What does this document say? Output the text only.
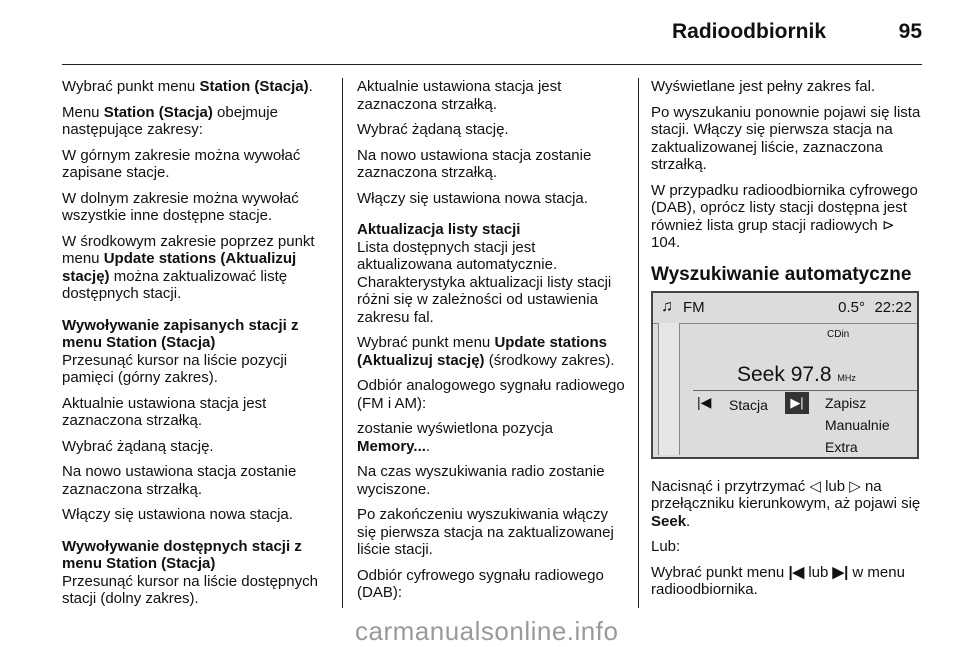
Radioodbiornik	95

Wybrać punkt menu Station (Stacja).

Menu Station (Stacja) obejmuje następujące zakresy:

W górnym zakresie można wywołać zapisane stacje.

W dolnym zakresie można wywołać wszystkie inne dostępne stacje.

W środkowym zakresie poprzez punkt menu Update stations (Aktualizuj stację) można zaktualizować listę dostępnych stacji.

Wywoływanie zapisanych stacji z menu Station (Stacja)

Przesunąć kursor na liście pozycji pamięci (górny zakres).

Aktualnie ustawiona stacja jest zaznaczona strzałką.

Wybrać żądaną stację.

Na nowo ustawiona stacja zostanie zaznaczona strzałką.

Włączy się ustawiona nowa stacja.

Wywoływanie dostępnych stacji z menu Station (Stacja)

Przesunąć kursor na liście dostępnych stacji (dolny zakres).

Aktualnie ustawiona stacja jest zaznaczona strzałką.

Wybrać żądaną stację.

Na nowo ustawiona stacja zostanie zaznaczona strzałką.

Włączy się ustawiona nowa stacja.

Aktualizacja listy stacji

Lista dostępnych stacji jest aktualizowana automatycznie. Charakterystyka aktualizacji listy stacji różni się w zależności od ustawienia zakresu fal.

Wybrać punkt menu Update stations (Aktualizuj stację) (środkowy zakres).

Odbiór analogowego sygnału radiowego (FM i AM):

zostanie wyświetlona pozycja Memory....

Na czas wyszukiwania radio zostanie wyciszone.

Po zakończeniu wyszukiwania włączy się pierwsza stacja na zaktualizowanej liście stacji.

Odbiór cyfrowego sygnału radiowego (DAB):

Wyświetlane jest pełny zakres fal.

Po wyszukaniu ponownie pojawi się lista stacji. Włączy się pierwsza stacja na zaktualizowanej liście, zaznaczona strzałką.

W przypadku radioodbiornika cyfrowego (DAB), oprócz listy stacji dostępna jest również lista grup stacji radiowych ⊳ 104.

Wyszukiwanie automatyczne

Nacisnąć i przytrzymać ◁ lub ▷ na przełączniku kierunkowym, aż pojawi się Seek.

Lub:

Wybrać punkt menu |◀ lub ▶| w menu radioodbiornika.

♫ FM	0.5° 22:22
CDin
Seek 97.8 MHz
|◀ Stacja	▶|	Zapisz
Manualnie
Extra
carmanualsonline.info
